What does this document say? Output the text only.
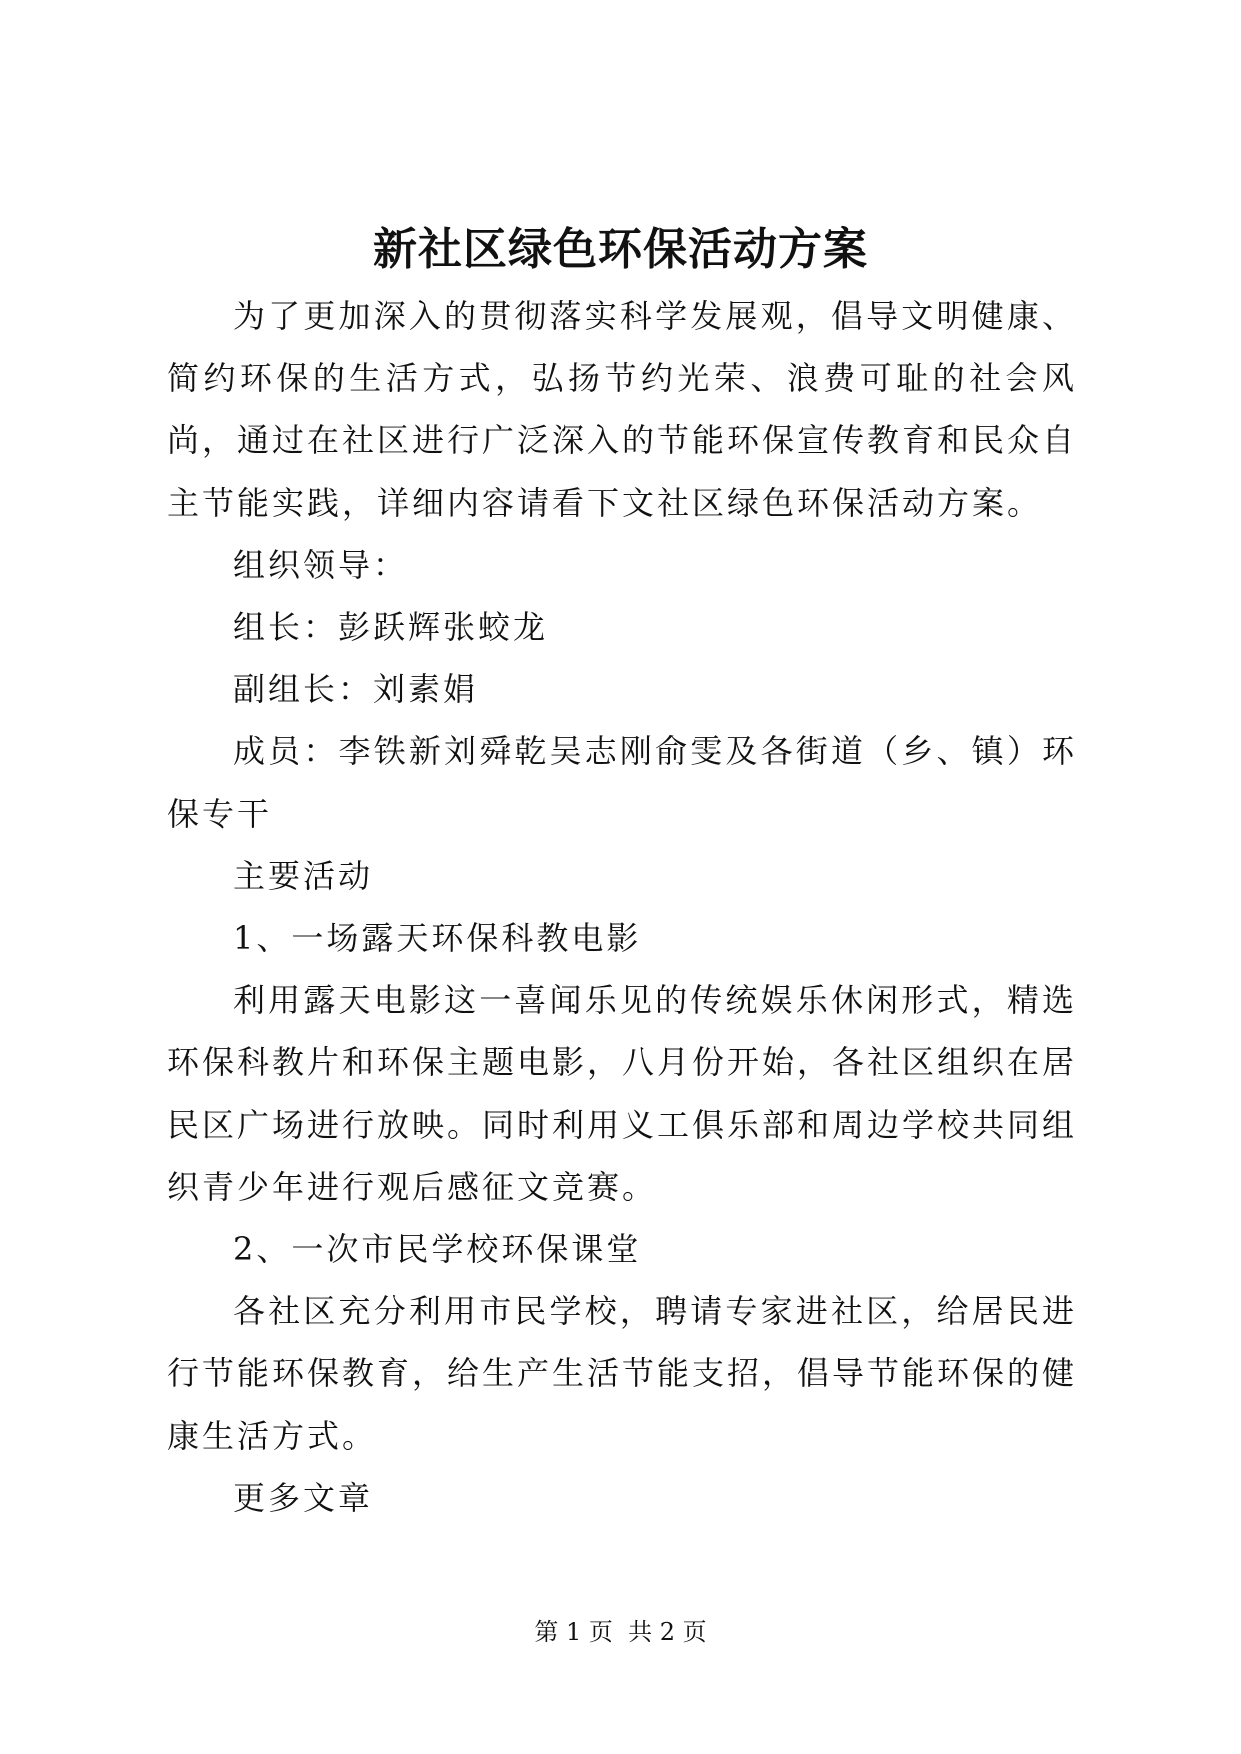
新社区绿色环保活动方案

为了更加深入的贯彻落实科学发展观，倡导文明健康、简约环保的生活方式，弘扬节约光荣、浪费可耻的社会风尚，通过在社区进行广泛深入的节能环保宣传教育和民众自主节能实践，详细内容请看下文社区绿色环保活动方案。

组织领导：

组长：彭跃辉张蛟龙

副组长：刘素娟

成员：李铁新刘舜乾吴志刚俞雯及各街道（乡、镇）环保专干

主要活动

1、一场露天环保科教电影

利用露天电影这一喜闻乐见的传统娱乐休闲形式，精选环保科教片和环保主题电影，八月份开始，各社区组织在居民区广场进行放映。同时利用义工俱乐部和周边学校共同组织青少年进行观后感征文竞赛。

2、一次市民学校环保课堂

各社区充分利用市民学校，聘请专家进社区，给居民进行节能环保教育，给生产生活节能支招，倡导节能环保的健康生活方式。

更多文章

第 1 页  共 2 页
